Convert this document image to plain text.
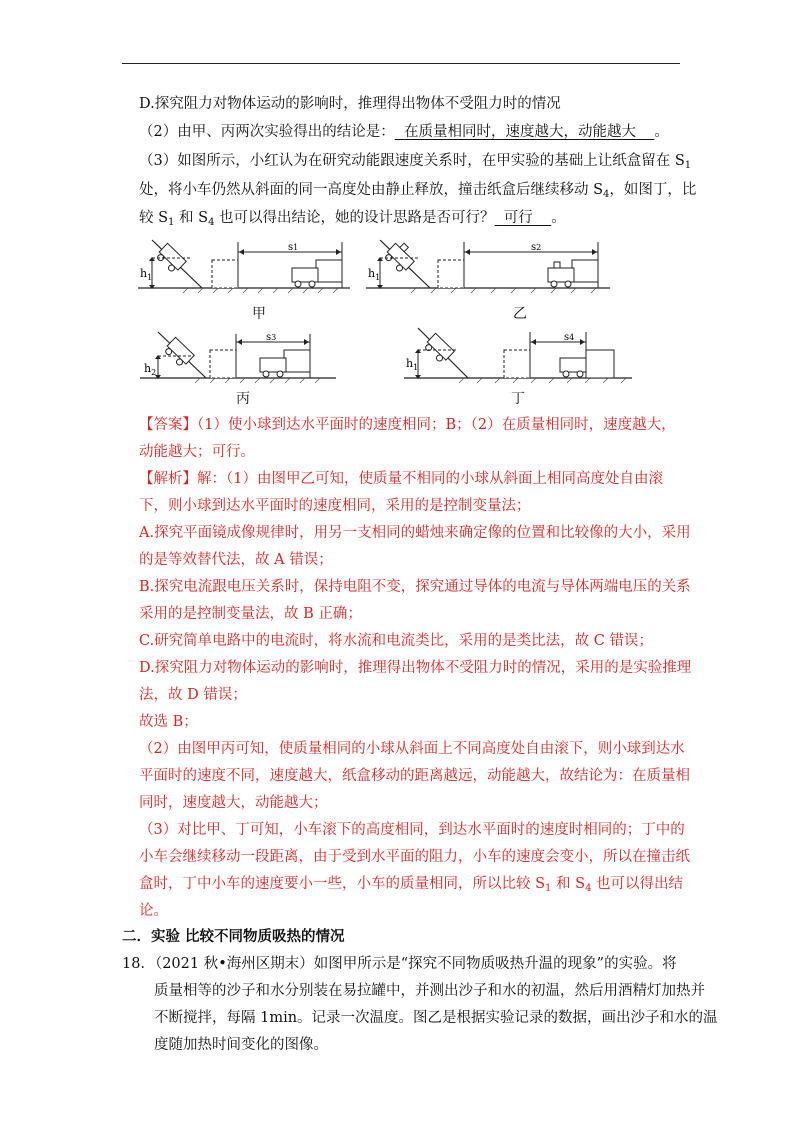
D.探究阻力对物体运动的影响时，推理得出物体不受阻力时的情况
（2）由甲、丙两次实验得出的结论是： 在质量相同时，速度越大，动能越大 。
（3）如图所示，小红认为在研究动能跟速度关系时，在甲实验的基础上让纸盒留在 $S_1$
处，将小车仍然从斜面的同一高度处由静止释放，撞击纸盒后继续移动 $S_4$，如图丁，比
较 $S_1$ 和 $S_4$ 也可以得出结论，她的设计思路是否可行？ 可行 。
$h_1$
s1
甲
$h_1$
s2
乙
$h_2$
s3
丙
$h_1$
s4
丁
【答案】（1）使小球到达水平面时的速度相同；B；（2）在质量相同时，速度越大，
动能越大；可行。
【解析】解：（1）由图甲乙可知，使质量不相同的小球从斜面上相同高度处自由滚
下，则小球到达水平面时的速度相同，采用的是控制变量法；
A.探究平面镜成像规律时，用另一支相同的蜡烛来确定像的位置和比较像的大小，采用
的是等效替代法，故 A 错误；
B.探究电流跟电压关系时，保持电阻不变，探究通过导体的电流与导体两端电压的关系
采用的是控制变量法，故 B 正确；
C.研究简单电路中的电流时，将水流和电流类比，采用的是类比法，故 C 错误；
D.探究阻力对物体运动的影响时，推理得出物体不受阻力时的情况，采用的是实验推理
法，故 D 错误；
故选 B；
（2）由图甲丙可知，使质量相同的小球从斜面上不同高度处自由滚下，则小球到达水
平面时的速度不同，速度越大，纸盒移动的距离越远，动能越大，故结论为：在质量相
同时，速度越大，动能越大；
（3）对比甲、丁可知，小车滚下的高度相同，到达水平面时的速度时相同的；丁中的
小车会继续移动一段距离，由于受到水平面的阻力，小车的速度会变小，所以在撞击纸
盒时，丁中小车的速度要小一些，小车的质量相同，所以比较 $S_1$ 和 $S_4$ 也可以得出结
论。
二．实验 比较不同物质吸热的情况
18．（2021 秋•海州区期末）如图甲所示是“探究不同物质吸热升温的现象”的实验。将
质量相等的沙子和水分别装在易拉罐中，并测出沙子和水的初温，然后用酒精灯加热并
不断搅拌，每隔 1min。记录一次温度。图乙是根据实验记录的数据，画出沙子和水的温
度随加热时间变化的图像。
